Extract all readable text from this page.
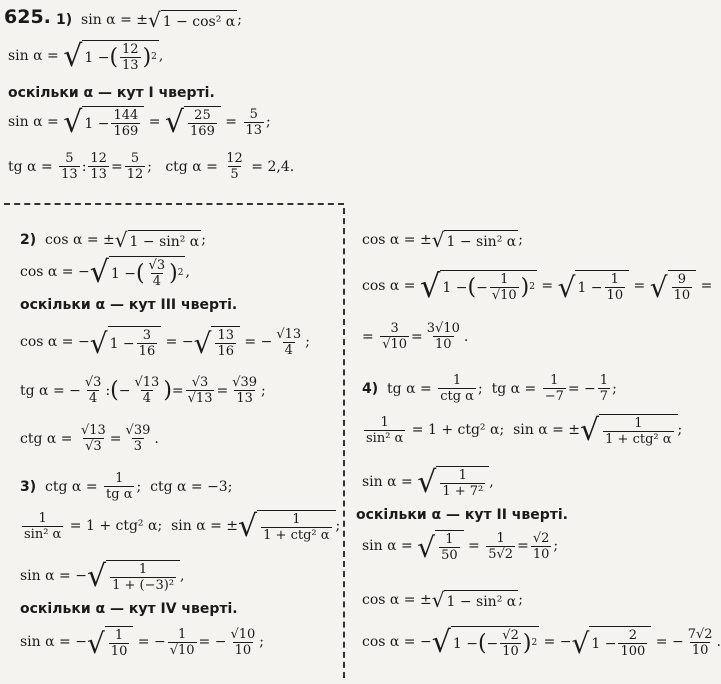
625. 1)
sin α =
± √ 1 − cos² α ;
sin α =
√ 1 − ( $\frac{12}{13}$ ) 2 ,
оскільки α — кут I чверті.
sin α =
√ $1 - \frac{144}{169}$ = √ $\frac{25}{169} = \frac{5}{13}$ ;
tg α =
$\frac{5}{13}$ : $\frac{12}{13} = \frac{5}{12}$ ; ctg α =
$\frac{12}{5}$
= 2,4.
2)
cos α =
± √ 1 − sin² α ;
cos α = − √ 1 − ( $\frac{√3}{4}$ ) 2 ,
оскільки α — кут III чверті.
cos α = − √ $1 - \frac{3}{16}$ = − √ $\frac{13}{16}$ = − $\frac{√13}{4}$ ;
tg α = − $\frac{√3}{4}$ : ( − $\frac{√13}{4}$ ) = $\frac{√3}{√13} = \frac{√39}{13}$ ;
ctg α =
$\frac{√13}{√3} = \frac{√39}{3}$ .
3)
ctg α =
$\frac{1}{\text{tg α}}$ ; ctg α = −3;
$\frac{1}{\text{sin² α}}$
= 1 + ctg² α;
sin α =
± √ $\frac{1}{\text{1 + ctg² α}}$ ;
sin α = − √ $\frac{1}{\text{1 + (−3)²}}$ ,
оскільки α — кут IV чверті.
sin α = − √ $\frac{1}{10}$ = − $\frac{1}{√10}$ = − $\frac{√10}{10}$ ;
cos α =
± √ 1 − sin² α ;
cos α =
√ 1 − ( − $\frac{1}{√10}$ ) 2 = √ $1 - \frac{1}{10}$ = √ $\frac{9}{10}$ =
= $\frac{3}{√10} = \frac{3√10}{10}$ .
4)
tg α =
$\frac{1}{\text{ctg α}}$ ; tg α =
$\frac{1}{-7}$ = − $\frac{1}{7}$ ;
$\frac{1}{\text{sin² α}}$
= 1 + ctg² α;
sin α =
± √ $\frac{1}{\text{1 + ctg² α}}$ ;
sin α =
√ $\frac{1}{\text{1 + 7²}}$ ,
оскільки α — кут II чверті.
sin α =
√ $\frac{1}{50} = \frac{1}{5√2} = \frac{√2}{10}$ ;
cos α =
± √ 1 − sin² α ;
cos α = − √ 1 − ( − $\frac{√2}{10}$ ) 2 = − √ $1 - \frac{2}{100}$ = − $\frac{7√2}{10}$ .
